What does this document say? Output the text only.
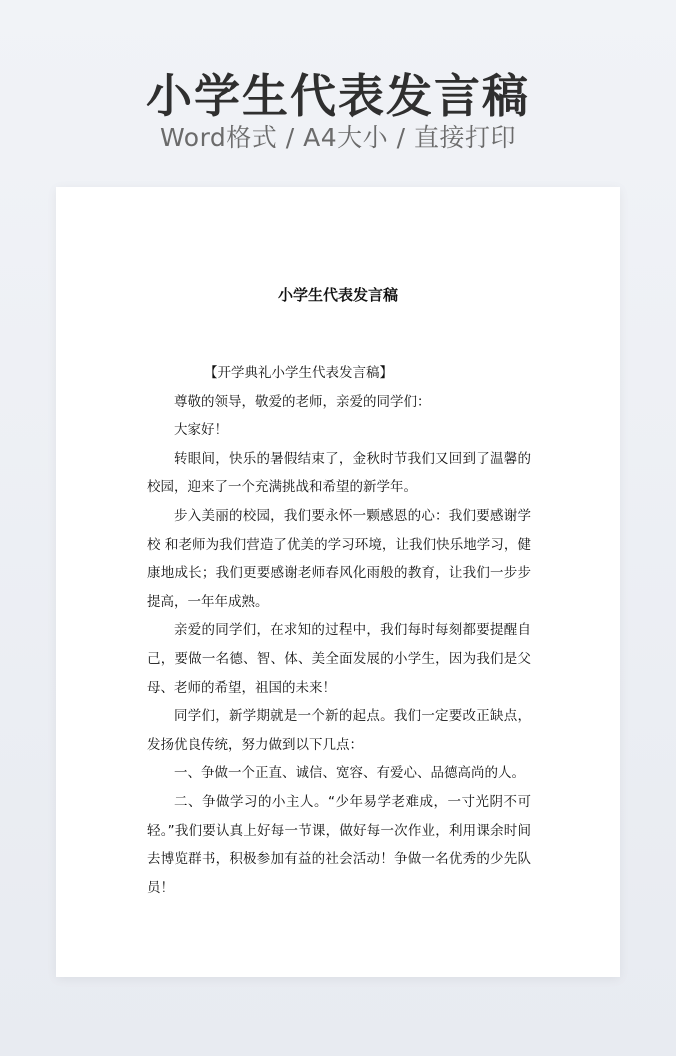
小学生代表发言稿
Word格式 / A4大小 / 直接打印
小学生代表发言稿

【开学典礼小学生代表发言稿】

尊敬的领导，敬爱的老师，亲爱的同学们：

大家好！

转眼间，快乐的暑假结束了，金秋时节我们又回到了温馨的校园，迎来了一个充满挑战和希望的新学年。

步入美丽的校园，我们要永怀一颗感恩的心：我们要感谢学校 和老师为我们营造了优美的学习环境，让我们快乐地学习，健康地成长；我们更要感谢老师春风化雨般的教育，让我们一步步提高，一年年成熟。

亲爱的同学们，在求知的过程中，我们每时每刻都要提醒自己，要做一名德、智、体、美全面发展的小学生，因为我们是父母、老师的希望，祖国的未来！

同学们，新学期就是一个新的起点。我们一定要改正缺点，发扬优良传统，努力做到以下几点：

一、争做一个正直、诚信、宽容、有爱心、品德高尚的人。

二、争做学习的小主人。“少年易学老难成，一寸光阴不可轻。”我们要认真上好每一节课，做好每一次作业，利用课余时间去博览群书，积极参加有益的社会活动！争做一名优秀的少先队员！
